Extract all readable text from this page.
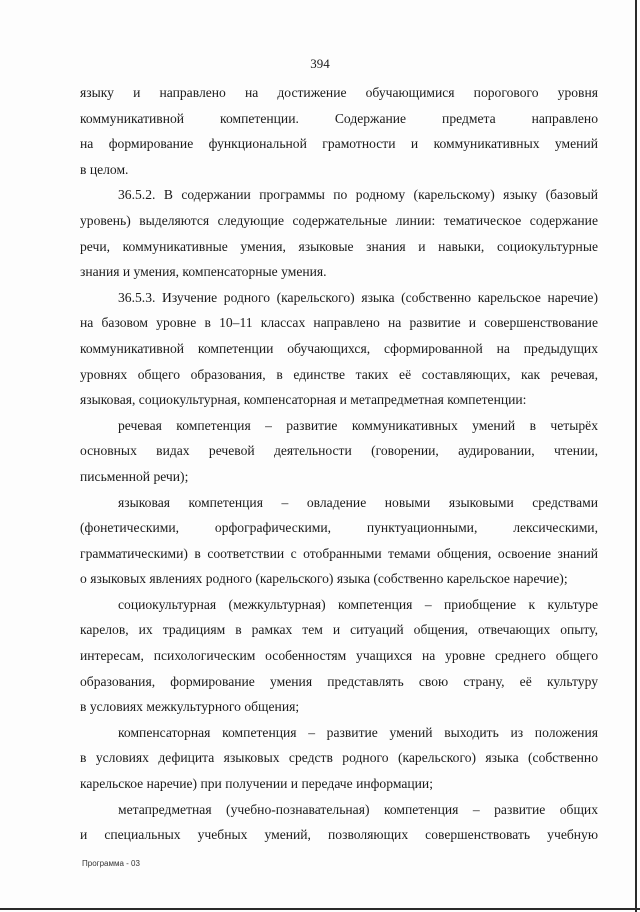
394
языку и направлено на достижение обучающимися порогового уровня
коммуникативной компетенции. Содержание предмета направлено
на формирование функциональной грамотности и коммуникативных умений
в целом.
36.5.2. В содержании программы по родному (карельскому) языку (базовый
уровень) выделяются следующие содержательные линии: тематическое содержание
речи, коммуникативные умения, языковые знания и навыки, социокультурные
знания и умения, компенсаторные умения.
36.5.3. Изучение родного (карельского) языка (собственно карельское наречие)
на базовом уровне в 10–11 классах направлено на развитие и совершенствование
коммуникативной компетенции обучающихся, сформированной на предыдущих
уровнях общего образования, в единстве таких её составляющих, как речевая,
языковая, социокультурная, компенсаторная и метапредметная компетенции:
речевая компетенция – развитие коммуникативных умений в четырёх
основных видах речевой деятельности (говорении, аудировании, чтении,
письменной речи);
языковая компетенция – овладение новыми языковыми средствами
(фонетическими, орфографическими, пунктуационными, лексическими,
грамматическими) в соответствии с отобранными темами общения, освоение знаний
о языковых явлениях родного (карельского) языка (собственно карельское наречие);
социокультурная (межкультурная) компетенция – приобщение к культуре
карелов, их традициям в рамках тем и ситуаций общения, отвечающих опыту,
интересам, психологическим особенностям учащихся на уровне среднего общего
образования, формирование умения представлять свою страну, её культуру
в условиях межкультурного общения;
компенсаторная компетенция – развитие умений выходить из положения
в условиях дефицита языковых средств родного (карельского) языка (собственно
карельское наречие) при получении и передаче информации;
метапредметная (учебно-познавательная) компетенция – развитие общих
и специальных учебных умений, позволяющих совершенствовать учебную
Программа - 03
